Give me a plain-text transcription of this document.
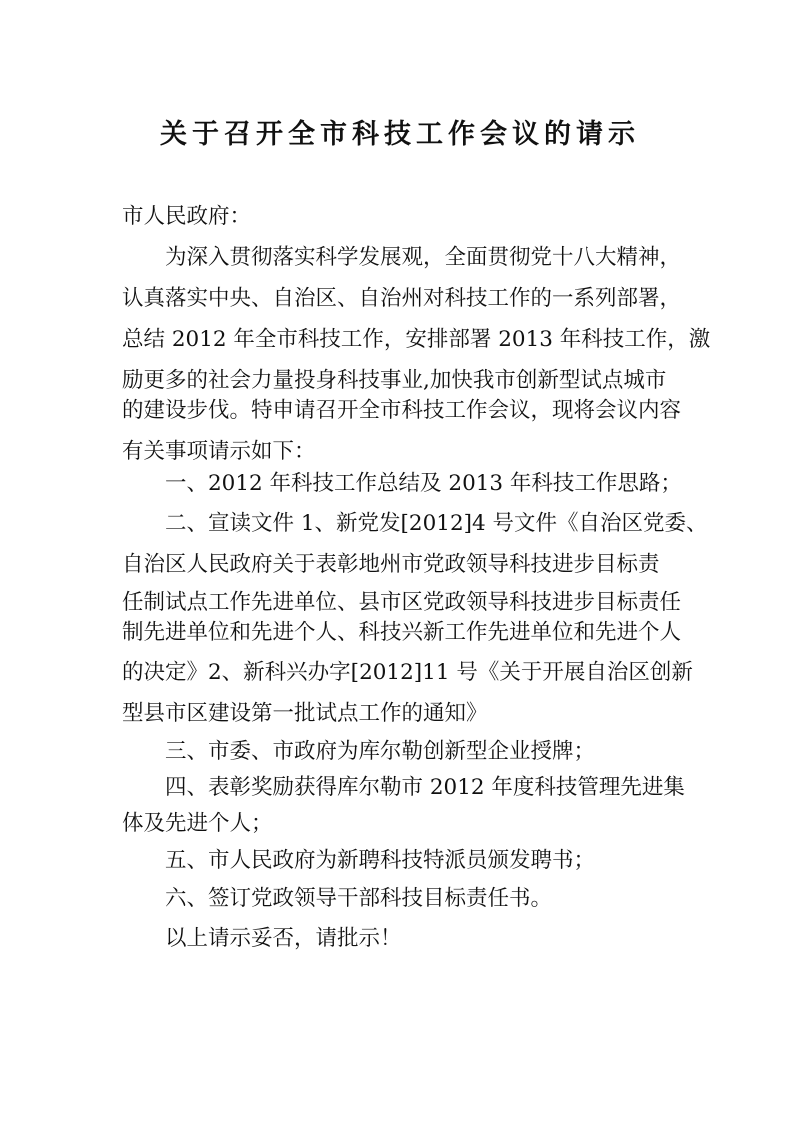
关于召开全市科技工作会议的请示

市人民政府：

为深入贯彻落实科学发展观，全面贯彻党十八大精神，

认真落实中央、自治区、自治州对科技工作的一系列部署，

总结 2012 年全市科技工作，安排部署 2013 年科技工作，激

励更多的社会力量投身科技事业,加快我市创新型试点城市

的建设步伐。特申请召开全市科技工作会议，现将会议内容

有关事项请示如下：

一、2012 年科技工作总结及 2013 年科技工作思路；

二、宣读文件 1、新党发[2012]4 号文件《自治区党委、

自治区人民政府关于表彰地州市党政领导科技进步目标责

任制试点工作先进单位、县市区党政领导科技进步目标责任

制先进单位和先进个人、科技兴新工作先进单位和先进个人

的决定》2、新科兴办字[2012]11 号《关于开展自治区创新

型县市区建设第一批试点工作的通知》

三、市委、市政府为库尔勒创新型企业授牌；

四、表彰奖励获得库尔勒市 2012 年度科技管理先进集

体及先进个人；

五、市人民政府为新聘科技特派员颁发聘书；

六、签订党政领导干部科技目标责任书。

以上请示妥否，请批示！
